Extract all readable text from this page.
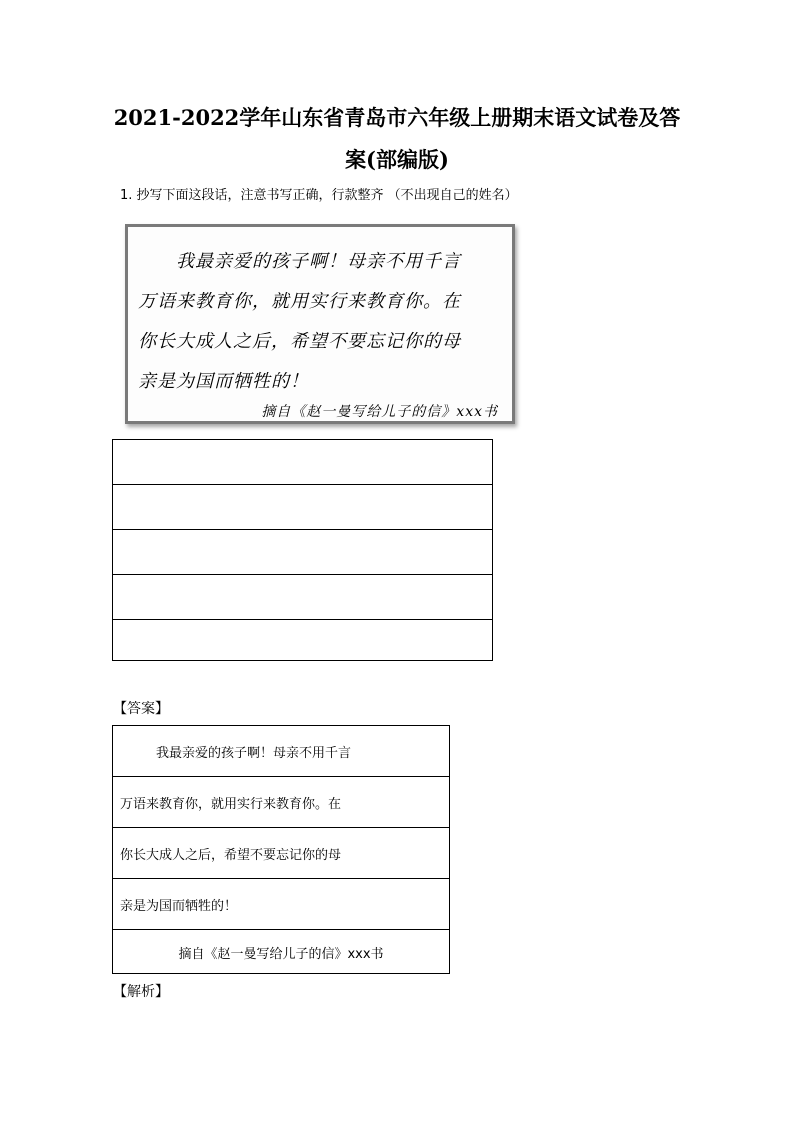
2021-2022学年山东省青岛市六年级上册期末语文试卷及答
案(部编版)
1. 抄写下面这段话，注意书写正确，行款整齐 （不出现自己的姓名）
我最亲爱的孩子啊！母亲不用千言
万语来教育你，就用实行来教育你。在
你长大成人之后，希望不要忘记你的母
亲是为国而牺牲的！
摘自《赵一曼写给儿子的信》xxx书
【答案】
我最亲爱的孩子啊！母亲不用千言
万语来教育你，就用实行来教育你。在
你长大成人之后，希望不要忘记你的母
亲是为国而牺牲的！
摘自《赵一曼写给儿子的信》xxx书
【解析】
